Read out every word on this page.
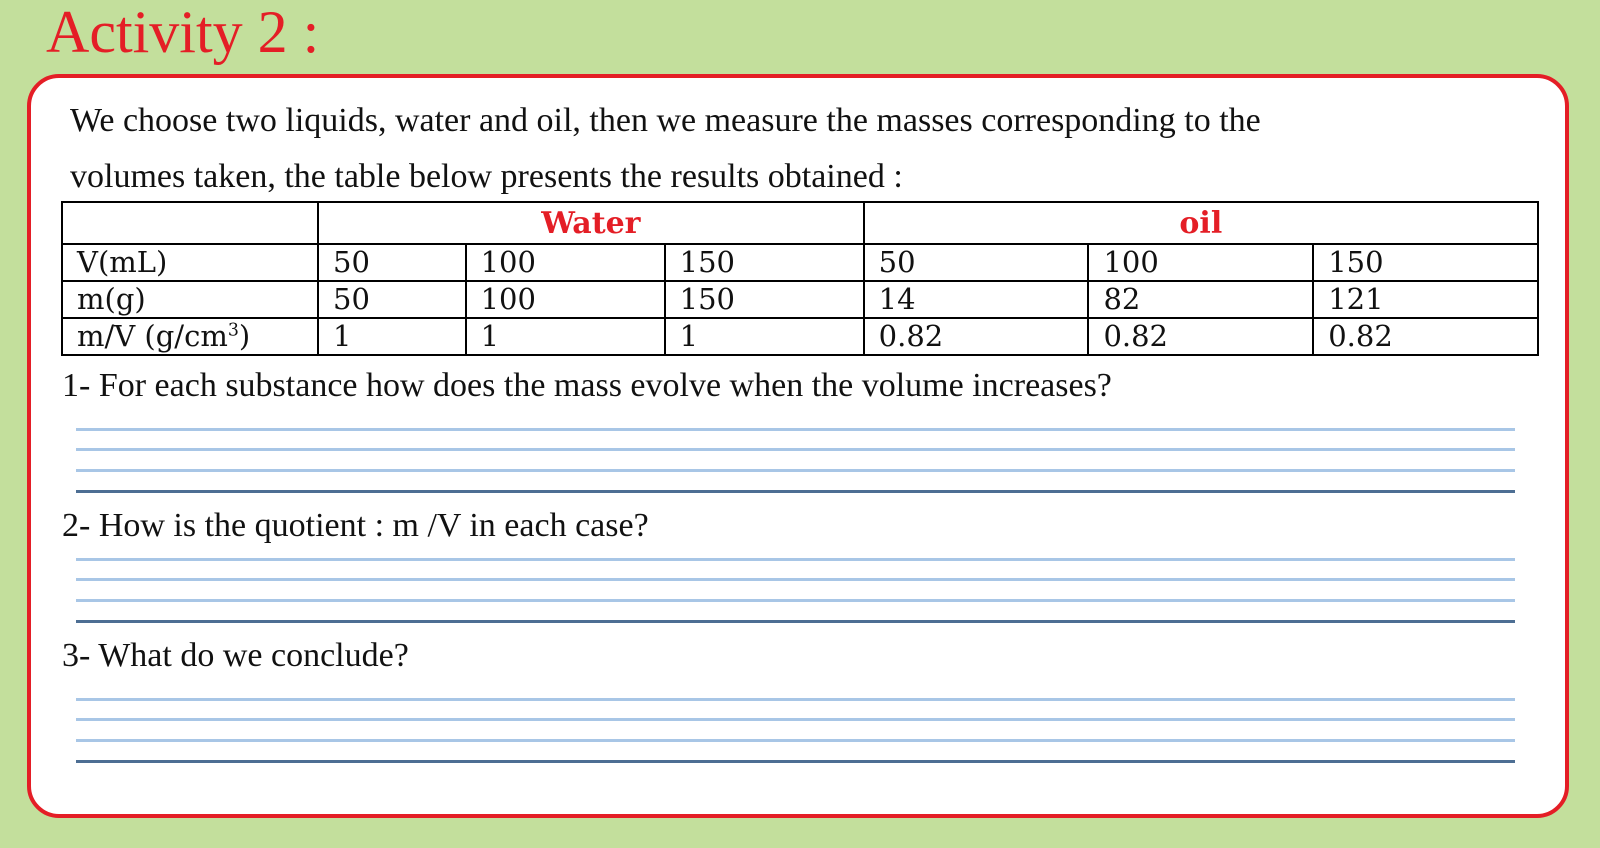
Activity 2 :
We choose two liquids, water and oil, then we measure the masses corresponding to the
volumes taken, the table below presents the results obtained :
	Water			oil		
V(mL)	50	100	150	50	100	150
m(g)	50	100	150	14	82	121
m/V $(g/cm^3)$	1	1	1	0.82	0.82	0.82
1- For each substance how does the mass evolve when the volume increases?
2- How is the quotient : m /V in each case?
3- What do we conclude?
